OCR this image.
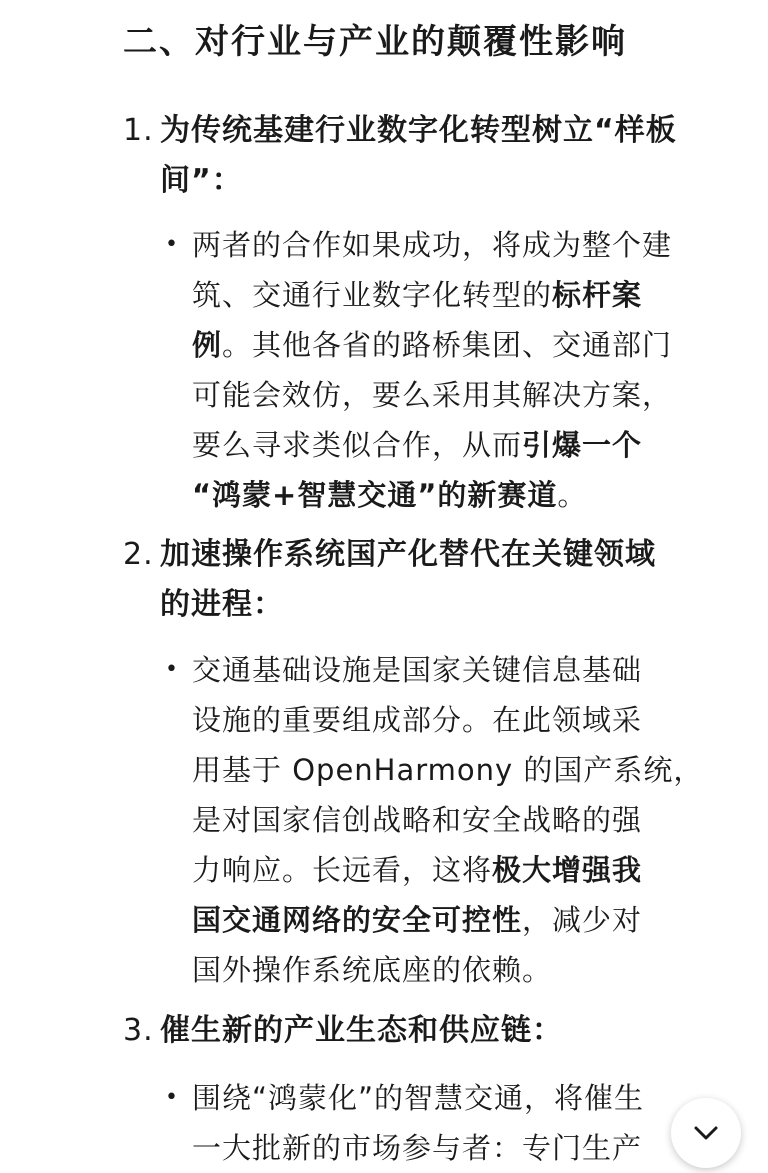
二、对行业与产业的颠覆性影响
1. 为传统基建行业数字化转型树立“样板
间”：
• 两者的合作如果成功，将成为整个建
筑、交通行业数字化转型的标杆案
例。其他各省的路桥集团、交通部门
可能会效仿，要么采用其解决方案，
要么寻求类似合作，从而引爆一个
“鸿蒙+智慧交通”的新赛道。
2. 加速操作系统国产化替代在关键领域
的进程：
• 交通基础设施是国家关键信息基础
设施的重要组成部分。在此领域采
用基于 OpenHarmony 的国产系统，
是对国家信创战略和安全战略的强
力响应。长远看，这将极大增强我
国交通网络的安全可控性，减少对
国外操作系统底座的依赖。
3. 催生新的产业生态和供应链：
• 围绕“鸿蒙化”的智慧交通，将催生
一大批新的市场参与者：专门生产
